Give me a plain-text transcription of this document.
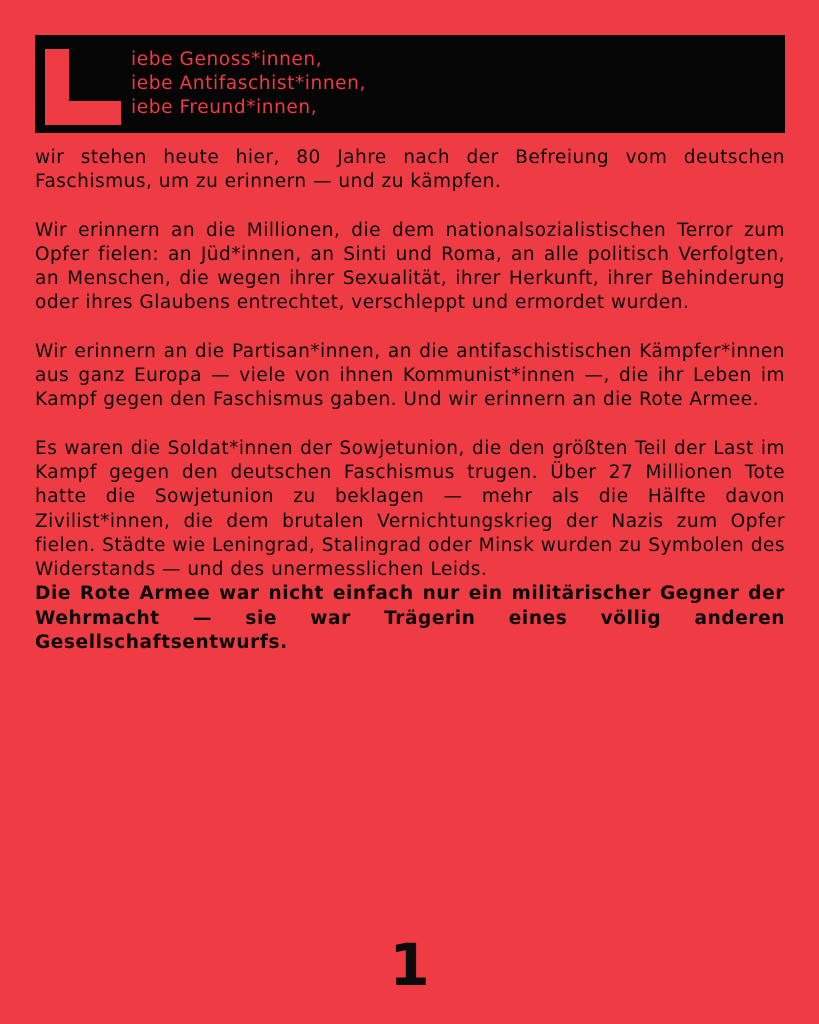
iebe Genoss*innen,
iebe Antifaschist*innen,
iebe Freund*innen,

wir stehen heute hier, 80 Jahre nach der Befreiung vom deutschen Faschismus, um zu erinnern — und zu kämpfen.

Wir erinnern an die Millionen, die dem nationalsozialistischen Terror zum Opfer fielen: an Jüd*innen, an Sinti und Roma, an alle politisch Verfolgten, an Menschen, die wegen ihrer Sexualität, ihrer Herkunft, ihrer Behinderung oder ihres Glaubens entrechtet, verschleppt und ermordet wurden.

Wir erinnern an die Partisan*innen, an die antifaschistischen Kämpfer*innen aus ganz Europa — viele von ihnen Kommunist*innen —, die ihr Leben im Kampf gegen den Faschismus gaben. Und wir erinnern an die Rote Armee.

Es waren die Soldat*innen der Sowjetunion, die den größten Teil der Last im Kampf gegen den deutschen Faschismus trugen. Über 27 Millionen Tote hatte die Sowjetunion zu beklagen — mehr als die Hälfte davon Zivilist*innen, die dem brutalen Vernichtungskrieg der Nazis zum Opfer fielen. Städte wie Leningrad, Stalingrad oder Minsk wurden zu Symbolen des Widerstands — und des unermesslichen Leids.

Die Rote Armee war nicht einfach nur ein militärischer Gegner der Wehrmacht — sie war Trägerin eines völlig anderen Gesellschaftsentwurfs.

1
